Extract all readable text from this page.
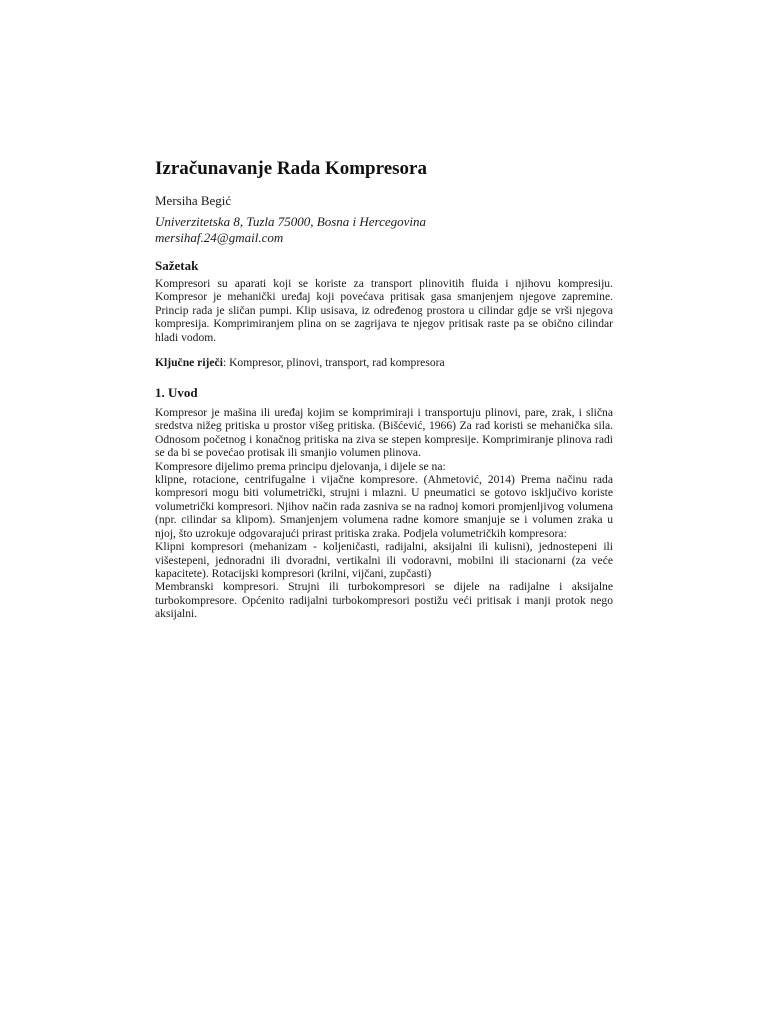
Izračunavanje Rada Kompresora
Mersiha Begić
Univerzitetska 8, Tuzla 75000, Bosna i Hercegovina
mersihaf.24@gmail.com
Sažetak

Kompresori su aparati koji se koriste za transport plinovitih fluida i njihovu kompresiju. Kompresor je mehanički uređaj koji povećava pritisak gasa smanjenjem njegove zapremine. Princip rada je sličan pumpi. Klip usisava, iz određenog prostora u cilindar gdje se vrši njegova kompresija. Komprimiranjem plina on se zagrijava te njegov pritisak raste pa se obično cilindar hladi vodom.

Ključne riječi: Kompresor, plinovi, transport, rad kompresora

1. Uvod

Kompresor je mašina ili uređaj kojim se komprimiraji i transportuju plinovi, pare, zrak, i slična sredstva nižeg pritiska u prostor višeg pritiska. (Bišćević, 1966) Za rad koristi se mehanička sila. Odnosom početnog i konačnog pritiska na ziva se stepen kompresije. Komprimiranje plinova radi se da bi se povećao protisak ili smanjio volumen plinova.

Kompresore dijelimo prema principu djelovanja, i dijele se na:

klipne, rotacione, centrifugalne i vijačne kompresore. (Ahmetović, 2014) Prema načinu rada kompresori mogu biti volumetrički, strujni i mlazni. U pneumatici se gotovo isključivo koriste volumetrički kompresori. Njihov način rada zasniva se na radnoj komori promjenljivog volumena (npr. cilindar sa klipom). Smanjenjem volumena radne komore smanjuje se i volumen zraka u njoj, što uzrokuje odgovarajući prirast pritiska zraka. Podjela volumetričkih kompresora:

Klipni kompresori (mehanizam - koljeničasti, radijalni, aksijalni ili kulisni), jednostepeni ili višestepeni, jednoradni ili dvoradni, vertikalni ili vodoravni, mobilni ili stacionarni (za veće kapacitete). Rotacijski kompresori (krilni, vijčani, zupčasti)

Membranski kompresori. Strujni ili turbokompresori se dijele na radijalne i aksijalne turbokompresore. Općenito radijalni turbokompresori postižu veći pritisak i manji protok nego aksijalni.
